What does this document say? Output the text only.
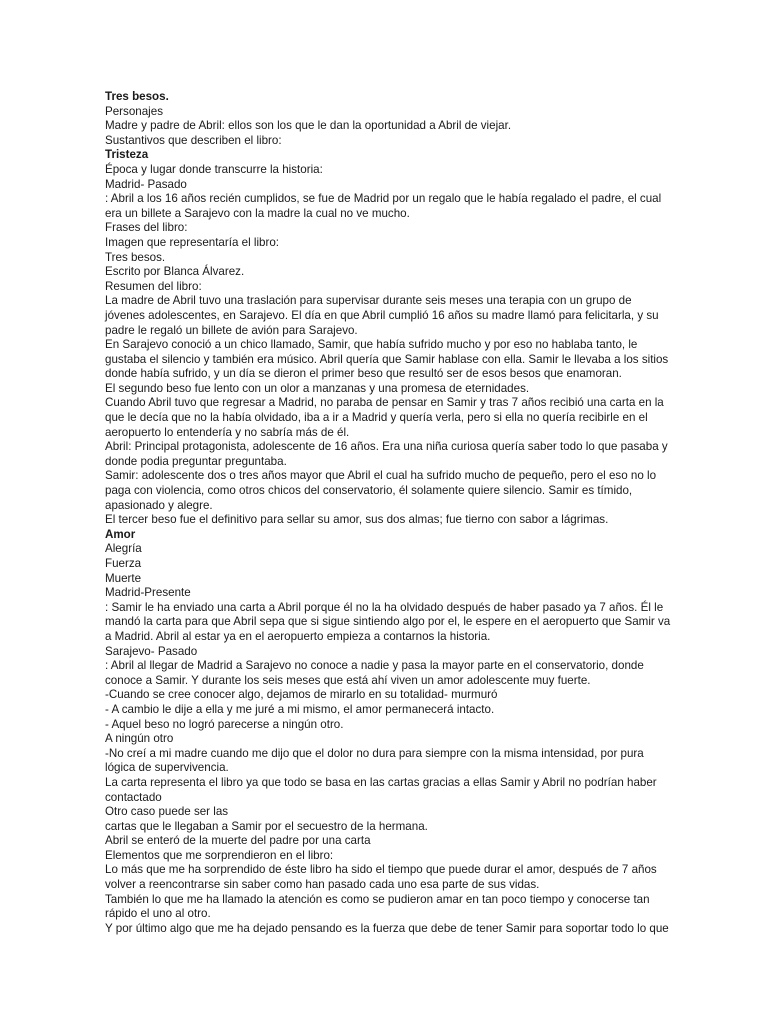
Tres besos.
Personajes
Madre y padre de Abril: ellos son los que le dan la oportunidad a Abril de viejar.
Sustantivos que describen el libro:
Tristeza
Época y lugar donde transcurre la historia:
Madrid- Pasado
: Abril a los 16 años recién cumplidos, se fue de Madrid por un regalo que le había regalado el padre, el cual
era un billete a Sarajevo con la madre la cual no ve mucho.
Frases del libro:
Imagen que representaría el libro:
Tres besos.
Escrito por Blanca Álvarez.
Resumen del libro:
La madre de Abril tuvo una traslación para supervisar durante seis meses una terapia con un grupo de
jóvenes adolescentes, en Sarajevo. El día en que Abril cumplió 16 años su madre llamó para felicitarla, y su
padre le regaló un billete de avión para Sarajevo.
En Sarajevo conoció a un chico llamado, Samir, que había sufrido mucho y por eso no hablaba tanto, le
gustaba el silencio y también era músico. Abril quería que Samir hablase con ella. Samir le llevaba a los sitios
donde había sufrido, y un día se dieron el primer beso que resultó ser de esos besos que enamoran.
El segundo beso fue lento con un olor a manzanas y una promesa de eternidades.
Cuando Abril tuvo que regresar a Madrid, no paraba de pensar en Samir y tras 7 años recibió una carta en la
que le decía que no la había olvidado, iba a ir a Madrid y quería verla, pero si ella no quería recibirle en el
aeropuerto lo entendería y no sabría más de él.
Abril: Principal protagonista, adolescente de 16 años. Era una niña curiosa quería saber todo lo que pasaba y
donde podia preguntar preguntaba.
Samir: adolescente dos o tres años mayor que Abril el cual ha sufrido mucho de pequeño, pero el eso no lo
paga con violencia, como otros chicos del conservatorio, él solamente quiere silencio. Samir es tímido,
apasionado y alegre.
El tercer beso fue el definitivo para sellar su amor, sus dos almas; fue tierno con sabor a lágrimas.
Amor
Alegría
Fuerza
Muerte
Madrid-Presente
: Samir le ha enviado una carta a Abril porque él no la ha olvidado después de haber pasado ya 7 años. Él le
mandó la carta para que Abril sepa que si sigue sintiendo algo por el, le espere en el aeropuerto que Samir va
a Madrid. Abril al estar ya en el aeropuerto empieza a contarnos la historia.
Sarajevo- Pasado
: Abril al llegar de Madrid a Sarajevo no conoce a nadie y pasa la mayor parte en el conservatorio, donde
conoce a Samir. Y durante los seis meses que está ahí viven un amor adolescente muy fuerte.
-Cuando se cree conocer algo, dejamos de mirarlo en su totalidad- murmuró
- A cambio le dije a ella y me juré a mi mismo, el amor permanecerá intacto.
- Aquel beso no logró parecerse a ningún otro.
A ningún otro
-No creí a mi madre cuando me dijo que el dolor no dura para siempre con la misma intensidad, por pura
lógica de supervivencia.
La carta representa el libro ya que todo se basa en las cartas gracias a ellas Samir y Abril no podrían haber
contactado
Otro caso puede ser las
cartas que le llegaban a Samir por el secuestro de la hermana.
Abril se enteró de la muerte del padre por una carta
Elementos que me sorprendieron en el libro:
Lo más que me ha sorprendido de éste libro ha sido el tiempo que puede durar el amor, después de 7 años
volver a reencontrarse sin saber como han pasado cada uno esa parte de sus vidas.
También lo que me ha llamado la atención es como se pudieron amar en tan poco tiempo y conocerse tan
rápido el uno al otro.
Y por último algo que me ha dejado pensando es la fuerza que debe de tener Samir para soportar todo lo que
